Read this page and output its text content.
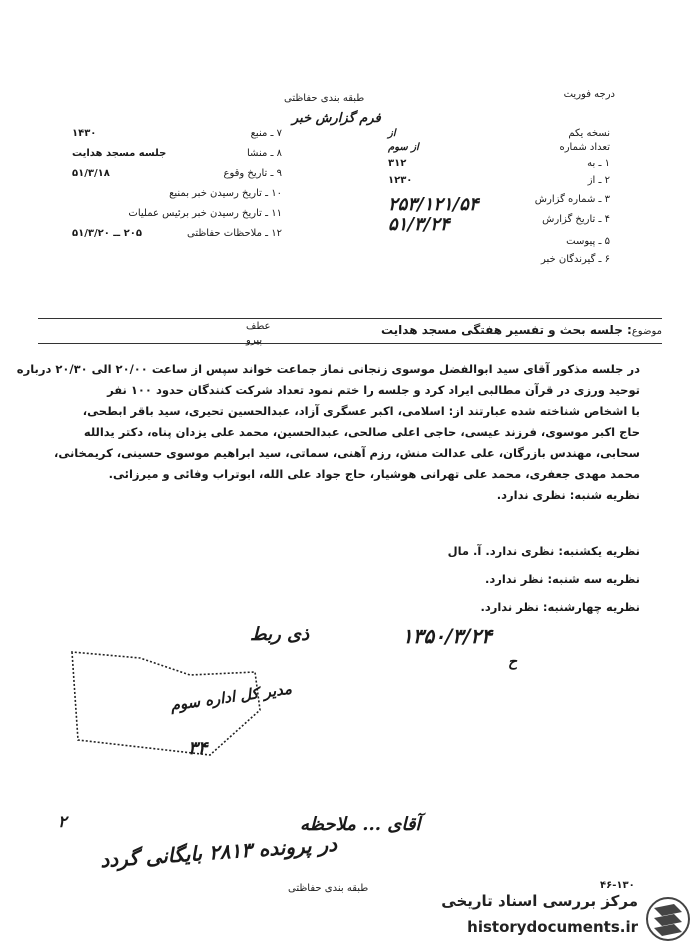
درجه فوریت
طبقه بندی حفاظتی
فرم گزارش خبر
۷ ـ منبع
۱۴۳۰
۸ ـ منشا
جلسه مسجد هدایت
۹ ـ تاریخ وقوع
۵۱/۳/۱۸
۱۰ ـ تاریخ رسیدن خبر بمنبع
۱۱ ـ تاریخ رسیدن خبر برئیس عملیات
۱۲ ـ ملاحظات حفاظتی
۲۰۵ ــ ۵۱/۳/۲۰
نسخه یکم
از
تعداد شماره
از سوم
۱ ـ به
۳۱۲
۲ ـ از
۱۲۳۰
۳ ـ شماره گزارش
۲۵۳/۱۲۱/۵۴
۴ ـ تاریخ گزارش
۵۱/۳/۲۴
۵ ـ پیوست
۶ ـ گیرندگان خبر
موضوع: جلسه بحث و تفسیر هفتگی مسجد هدایت
عطف
پیرو
در جلسه مذکور آقای سید ابوالفضل موسوی زنجانی نماز جماعت خواند سپس از ساعت ۲۰/۰۰ الی ۲۰/۳۰ درباره
توحید ورزی در قرآن مطالبی ایراد کرد و جلسه را ختم نمود تعداد شرکت کنندگان حدود ۱۰۰ نفر
با اشخاص شناخته شده عبارتند از: اسلامی، اکبر عسگری آزاد، عبدالحسین تحیری، سید باقر ابطحی،
حاج اکبر موسوی، فرزند عیسی، حاجی اعلی صالحی، عبدالحسین، محمد علی یزدان پناه، دکتر یدالله
سحابی، مهندس بازرگان، علی عدالت منش، رزم آهنی، سماتی، سید ابراهیم موسوی حسینی، کریمخانی،
محمد مهدی جعفری، محمد علی تهرانی هوشیار، حاج جواد علی الله، ابوتراب وفائی و میرزائی.
نظریه شنبه: نظری ندارد.
نظریه یکشنبه: نظری ندارد. آ. مال
نظریه سه شنبه: نظر ندارد.
نظریه چهارشنبه: نظر ندارد.
۱۳۵۰/۳/۲۴
ح
ذی ربط
مدیر کل اداره سوم
۳۴
آقای ... ملاحظه
در پرونده ۲۸۱۳ بایگانی گردد
۲
طبقه بندی حفاظتی	۴۶-۱۳۰
مرکز بررسی اسناد تاریخی
historydocuments.ir
